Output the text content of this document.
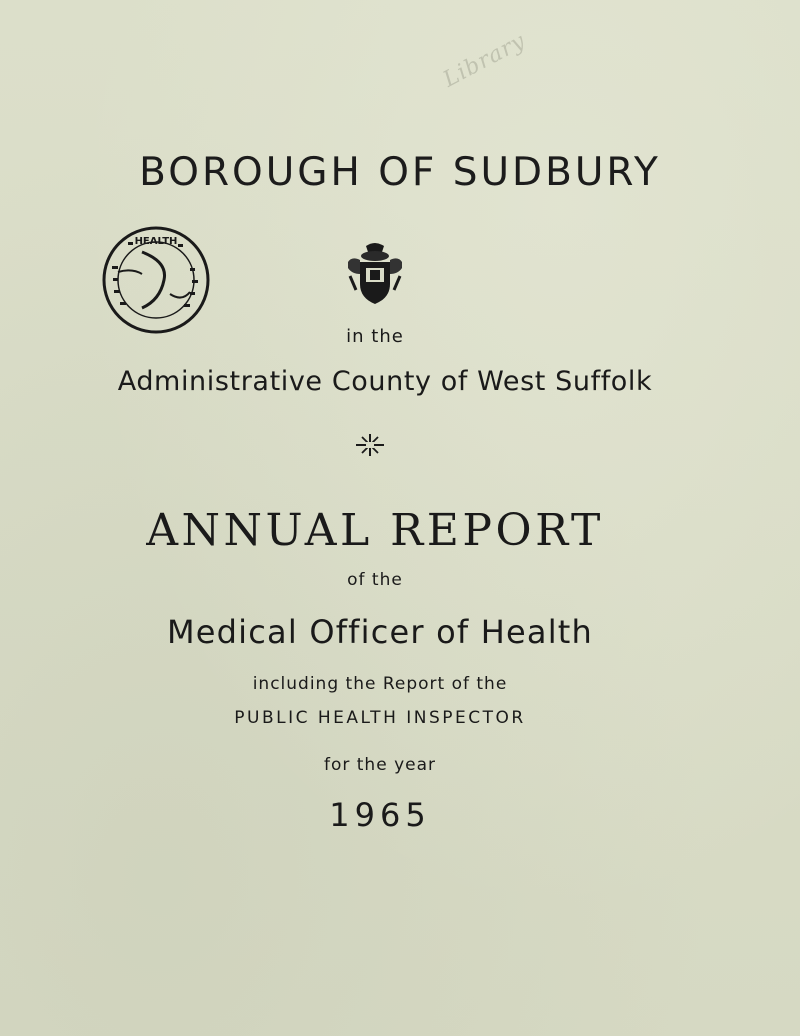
Library
BOROUGH OF SUDBURY
HEALTH
in the
Administrative County of West Suffolk
ANNUAL REPORT
of the
Medical Officer of Health
including the Report of the
PUBLIC HEALTH INSPECTOR
for the year
1965
